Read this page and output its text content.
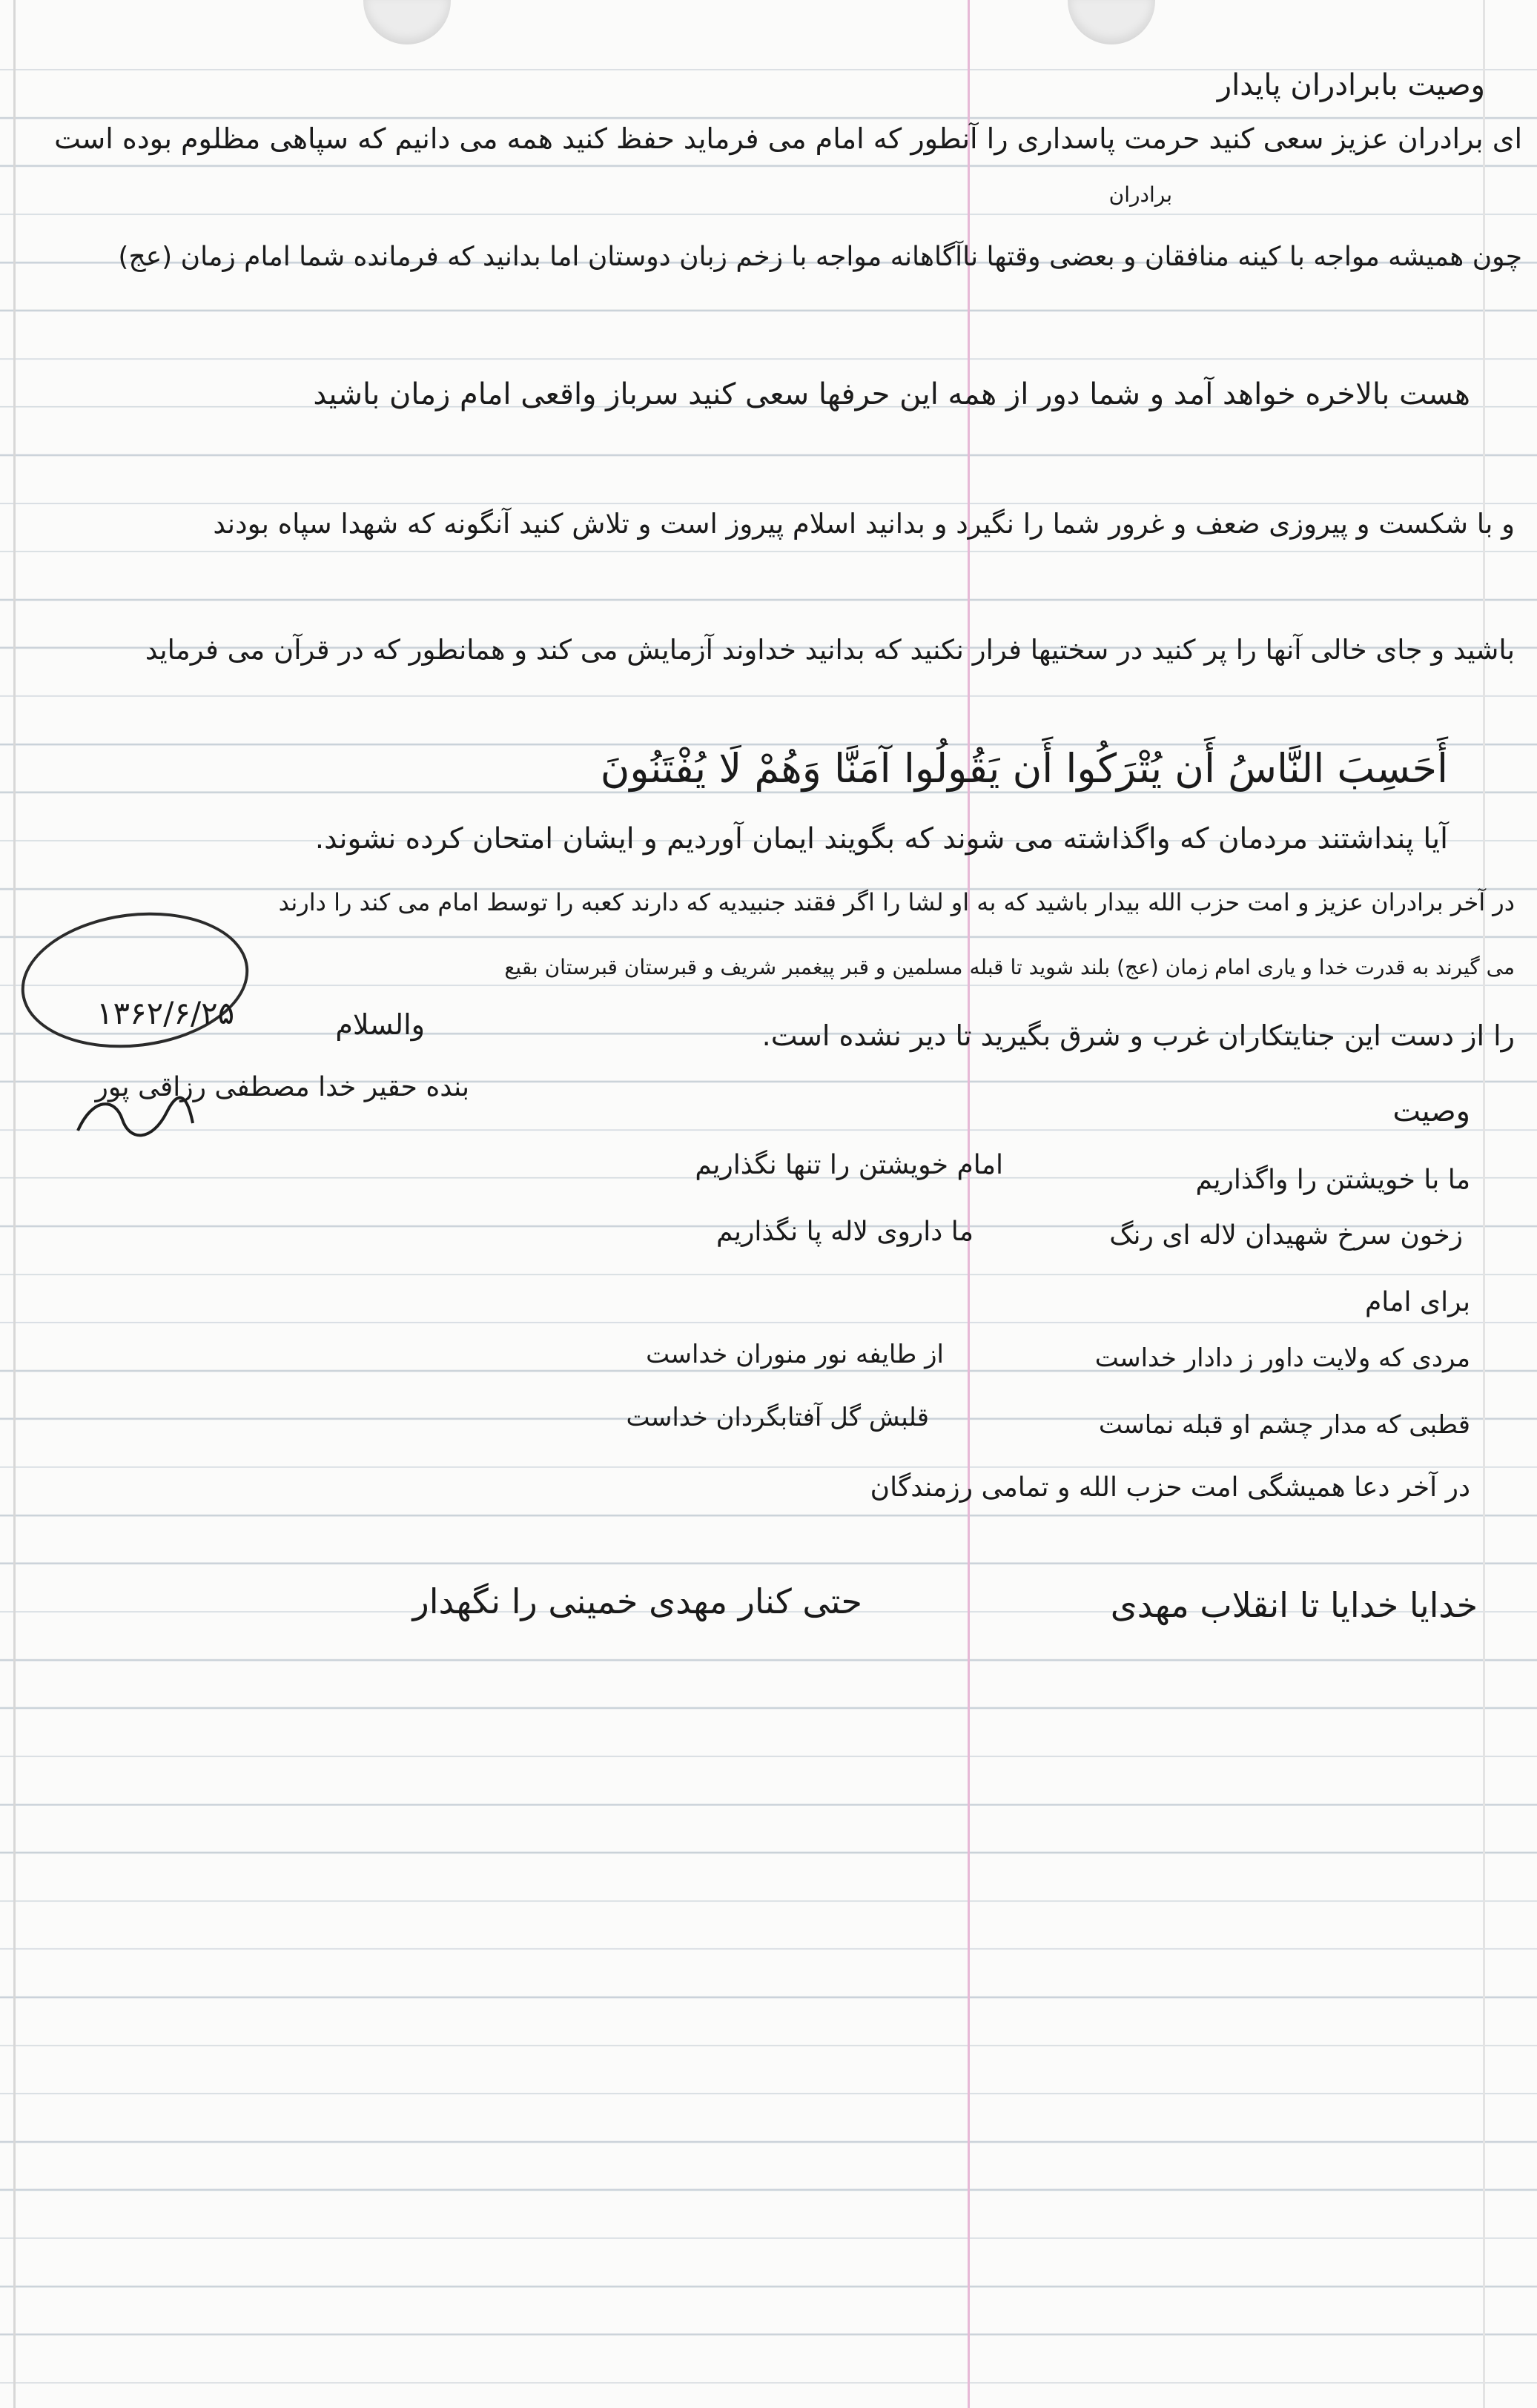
وصیت بابرادران پایدار
ای برادران عزیز سعی کنید حرمت پاسداری را آنطور که امام می فرماید حفظ کنید همه می دانیم که سپاهی مظلوم بوده است
برادران
چون همیشه مواجه با کینه منافقان و بعضی وقتها ناآگاهانه مواجه با زخم زبان دوستان اما بدانید که فرمانده شما امام زمان (عج)
هست بالاخره خواهد آمد و شما دور از همه این حرفها سعی کنید سرباز واقعی امام زمان باشید
و با شکست و پیروزی ضعف و غرور شما را نگیرد و بدانید اسلام پیروز است و تلاش کنید آنگونه که شهدا سپاه بودند
باشید و جای خالی آنها را پر کنید در سختیها فرار نکنید که بدانید خداوند آزمایش می کند و همانطور که در قرآن می فرماید
أَحَسِبَ النَّاسُ أَن يُتْرَكُوا أَن يَقُولُوا آمَنَّا وَهُمْ لَا يُفْتَنُونَ
آیا پنداشتند مردمان که واگذاشته می شوند که بگویند ایمان آوردیم و ایشان امتحان کرده نشوند.
در آخر برادران عزیز و امت حزب الله بیدار باشید که به او لشا را اگر فقند جنبیدیه که دارند کعبه را توسط امام می کند را دارند
می گیرند به قدرت خدا و یاری امام زمان (عج) بلند شوید تا قبله مسلمین و قبر پیغمبر شریف و قبرستان قبرستان بقیع
را از دست این جنایتکاران غرب و شرق بگیرید تا دیر نشده است.
والسلام
۱۳۶۲/۶/۲۵
بنده حقیر خدا مصطفی رزاقی پور
وصیت
ما با خویشتن را واگذاریم
امام خویشتن را تنها نگذاریم
زخون سرخ شهیدان لاله ای رنگ
ما داروی لاله پا نگذاریم
برای امام
مردی که ولایت داور ز دادار خداست
از طایفه نور منوران خداست
قطبی که مدار چشم او قبله نماست
قلبش گل آفتابگردان خداست
در آخر دعا همیشگی امت حزب الله و تمامی رزمندگان
خدایا خدایا تا انقلاب مهدی
حتی کنار مهدی خمینی را نگهدار
